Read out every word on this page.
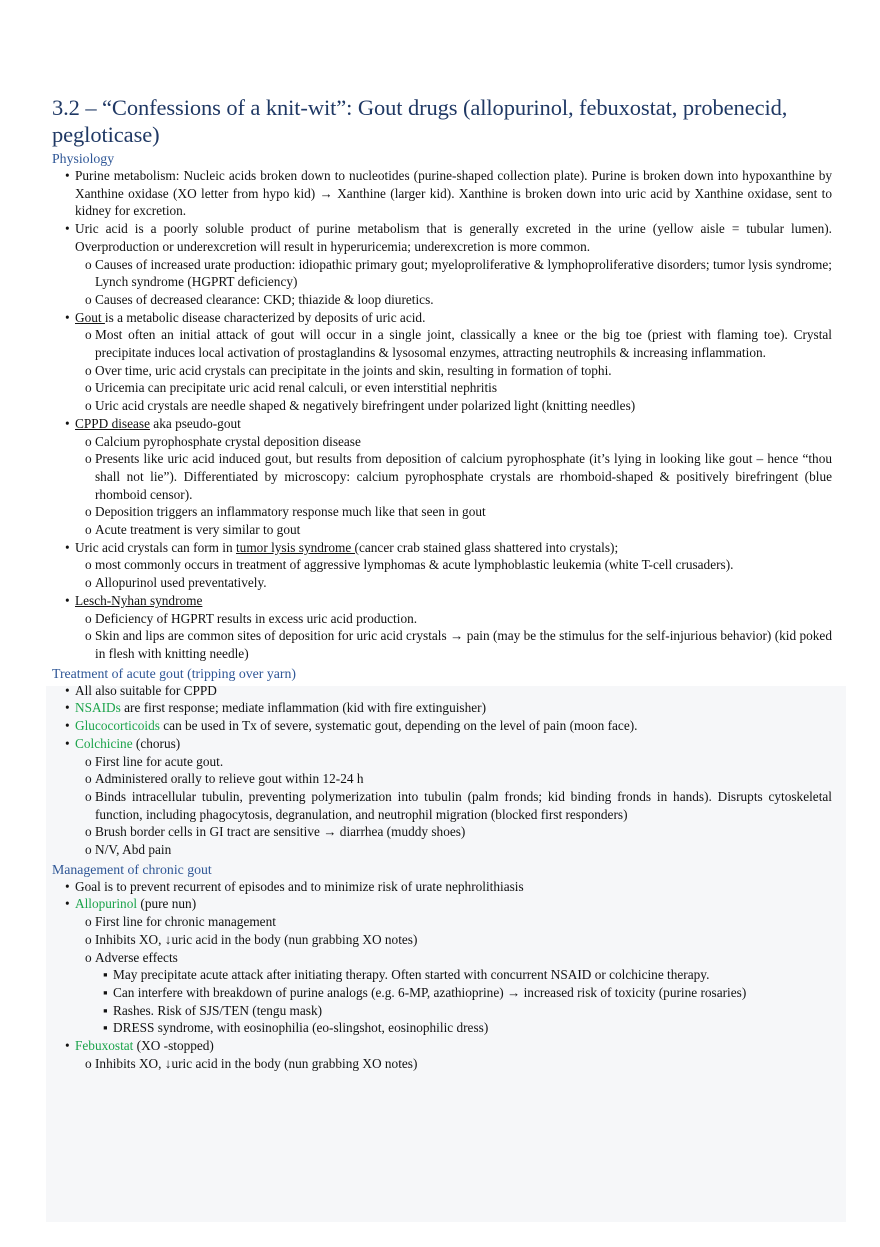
3.2 – “Confessions of a knit-wit”: Gout drugs (allopurinol, febuxostat, probenecid, pegloticase)
Physiology

• Purine metabolism: Nucleic acids broken down to nucleotides (purine-shaped collection plate). Purine is broken down into hypoxanthine by Xanthine oxidase (XO letter from hypo kid) → Xanthine (larger kid). Xanthine is broken down into uric acid by Xanthine oxidase, sent to kidney for excretion.

• Uric acid is a poorly soluble product of purine metabolism that is generally excreted in the urine (yellow aisle = tubular lumen). Overproduction or underexcretion will result in hyperuricemia; underexcretion is more common.

o Causes of increased urate production: idiopathic primary gout; myeloproliferative & lymphoproliferative disorders; tumor lysis syndrome; Lynch syndrome (HGPRT deficiency)

o Causes of decreased clearance: CKD; thiazide & loop diuretics.

• Gout is a metabolic disease characterized by deposits of uric acid.

o Most often an initial attack of gout will occur in a single joint, classically a knee or the big toe (priest with flaming toe). Crystal precipitate induces local activation of prostaglandins & lysosomal enzymes, attracting neutrophils & increasing inflammation.

o Over time, uric acid crystals can precipitate in the joints and skin, resulting in formation of tophi.

o Uricemia can precipitate uric acid renal calculi, or even interstitial nephritis

o Uric acid crystals are needle shaped & negatively birefringent under polarized light (knitting needles)

• CPPD disease aka pseudo-gout

o Calcium pyrophosphate crystal deposition disease

o Presents like uric acid induced gout, but results from deposition of calcium pyrophosphate (it’s lying in looking like gout – hence “thou shall not lie”). Differentiated by microscopy: calcium pyrophosphate crystals are rhomboid-shaped & positively birefringent (blue rhomboid censor).

o Deposition triggers an inflammatory response much like that seen in gout

o Acute treatment is very similar to gout

• Uric acid crystals can form in tumor lysis syndrome (cancer crab stained glass shattered into crystals);

o most commonly occurs in treatment of aggressive lymphomas & acute lymphoblastic leukemia (white T-cell crusaders).

o Allopurinol used preventatively.

• Lesch-Nyhan syndrome

o Deficiency of HGPRT results in excess uric acid production.

o Skin and lips are common sites of deposition for uric acid crystals → pain (may be the stimulus for the self-injurious behavior) (kid poked in flesh with knitting needle)

Treatment of acute gout (tripping over yarn)

• All also suitable for CPPD

• NSAIDs are first response; mediate inflammation (kid with fire extinguisher)

• Glucocorticoids can be used in Tx of severe, systematic gout, depending on the level of pain (moon face).

• Colchicine (chorus)

o First line for acute gout.

o Administered orally to relieve gout within 12-24 h

o Binds intracellular tubulin, preventing polymerization into tubulin (palm fronds; kid binding fronds in hands). Disrupts cytoskeletal function, including phagocytosis, degranulation, and neutrophil migration (blocked first responders)

o Brush border cells in GI tract are sensitive → diarrhea (muddy shoes)

o N/V, Abd pain

Management of chronic gout

• Goal is to prevent recurrent of episodes and to minimize risk of urate nephrolithiasis

• Allopurinol (pure nun)

o First line for chronic management

o Inhibits XO, ↓uric acid in the body (nun grabbing XO notes)

o Adverse effects

▪ May precipitate acute attack after initiating therapy. Often started with concurrent NSAID or colchicine therapy.

▪ Can interfere with breakdown of purine analogs (e.g. 6-MP, azathioprine) → increased risk of toxicity (purine rosaries)

▪ Rashes. Risk of SJS/TEN (tengu mask)

▪ DRESS syndrome, with eosinophilia (eo-slingshot, eosinophilic dress)

• Febuxostat (XO -stopped)

o Inhibits XO, ↓uric acid in the body (nun grabbing XO notes)
